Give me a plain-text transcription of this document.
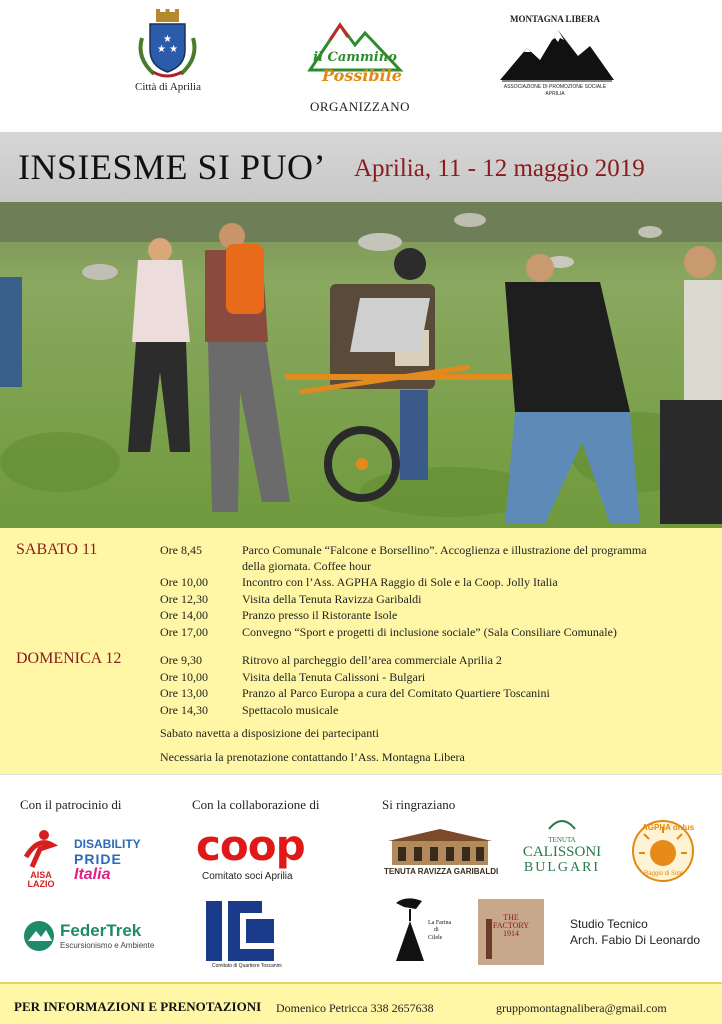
★ ★
★
Città di Aprilia
il Cammino
Possibile
ORGANIZZANO
MONTAGNA LIBERA
ASSOCIAZIONE DI PROMOZIONE SOCIALE
APRILIA
INSIESME SI PUO’ Aprilia, 11 - 12 maggio 2019
SABATO 11	Ore 8,45	Parco Comunale “Falcone e Borsellino”. Accoglienza e illustrazione del programma
della giornata. Coffee hour
Ore 10,00	Incontro con l’Ass. AGPHA Raggio di Sole e la Coop. Jolly Italia
Ore 12,30	Visita della Tenuta Ravizza Garibaldi
Ore 14,00	Pranzo presso il Ristorante Isole
Ore 17,00	Convegno “Sport e progetti di inclusione sociale” (Sala Consiliare Comunale)
DOMENICA 12	Ore 9,30	Ritrovo al parcheggio dell’area commerciale Aprilia 2
Ore 10,00	Visita della Tenuta Calissoni - Bulgari
Ore 13,00	Pranzo al Parco Europa a cura del Comitato Quartiere Toscanini
Ore 14,30	Spettacolo musicale
Sabato navetta a disposizione dei partecipanti
Necessaria la prenotazione contattando l’Ass. Montagna Libera
Con il patrocinio di	Con la collaborazione di	Si ringraziano
AISA LAZIO
DISABILITY
PRIDE
Italia
FederTrek
Escursionismo e Ambiente
coop
Comitato soci Aprilia
Comitato di Quartiere Toscanini
TENUTA RAVIZZA GARIBALDI
TENUTA
CALISSONI
BULGARI
AGPHA onlus
Raggio di Sole
La Farina
di
Cilele
THE
FACTORY
1914
Studio Tecnico
Arch. Fabio Di Leonardo
PER INFORMAZIONI E PRENOTAZIONI Domenico Petricca 338 2657638	gruppomontagnalibera@gmail.com
